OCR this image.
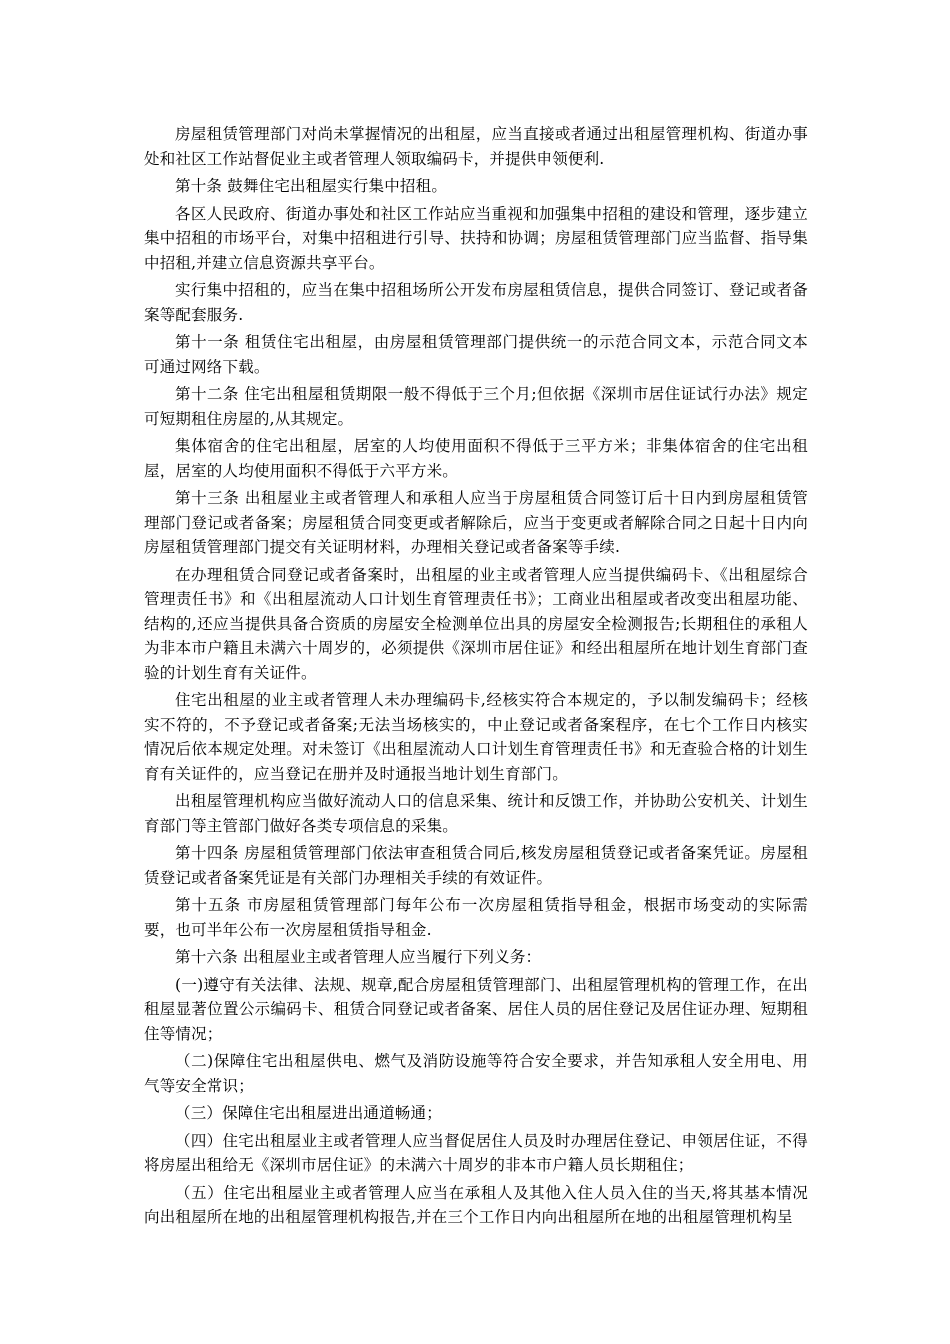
房屋租赁管理部门对尚未掌握情况的出租屋，应当直接或者通过出租屋管理机构、街道办事处和社区工作站督促业主或者管理人领取编码卡，并提供申领便利.

第十条 鼓舞住宅出租屋实行集中招租。

各区人民政府、街道办事处和社区工作站应当重视和加强集中招租的建设和管理，逐步建立集中招租的市场平台，对集中招租进行引导、扶持和协调；房屋租赁管理部门应当监督、指导集中招租,并建立信息资源共享平台。

实行集中招租的，应当在集中招租场所公开发布房屋租赁信息，提供合同签订、登记或者备案等配套服务.

第十一条 租赁住宅出租屋，由房屋租赁管理部门提供统一的示范合同文本，示范合同文本可通过网络下载。

第十二条 住宅出租屋租赁期限一般不得低于三个月;但依据《深圳市居住证试行办法》规定可短期租住房屋的,从其规定。

集体宿舍的住宅出租屋，居室的人均使用面积不得低于三平方米；非集体宿舍的住宅出租屋，居室的人均使用面积不得低于六平方米。

第十三条 出租屋业主或者管理人和承租人应当于房屋租赁合同签订后十日内到房屋租赁管理部门登记或者备案；房屋租赁合同变更或者解除后，应当于变更或者解除合同之日起十日内向房屋租赁管理部门提交有关证明材料，办理相关登记或者备案等手续.

在办理租赁合同登记或者备案时，出租屋的业主或者管理人应当提供编码卡、《出租屋综合管理责任书》和《出租屋流动人口计划生育管理责任书》；工商业出租屋或者改变出租屋功能、结构的,还应当提供具备合资质的房屋安全检测单位出具的房屋安全检测报告;长期租住的承租人为非本市户籍且未满六十周岁的，必须提供《深圳市居住证》和经出租屋所在地计划生育部门查验的计划生育有关证件。

住宅出租屋的业主或者管理人未办理编码卡,经核实符合本规定的，予以制发编码卡；经核实不符的，不予登记或者备案;无法当场核实的，中止登记或者备案程序，在七个工作日内核实情况后依本规定处理。对未签订《出租屋流动人口计划生育管理责任书》和无查验合格的计划生育有关证件的，应当登记在册并及时通报当地计划生育部门。

出租屋管理机构应当做好流动人口的信息采集、统计和反馈工作，并协助公安机关、计划生育部门等主管部门做好各类专项信息的采集。

第十四条 房屋租赁管理部门依法审查租赁合同后,核发房屋租赁登记或者备案凭证。房屋租赁登记或者备案凭证是有关部门办理相关手续的有效证件。

第十五条 市房屋租赁管理部门每年公布一次房屋租赁指导租金，根据市场变动的实际需要，也可半年公布一次房屋租赁指导租金.

第十六条 出租屋业主或者管理人应当履行下列义务：

(一)遵守有关法律、法规、规章,配合房屋租赁管理部门、出租屋管理机构的管理工作，在出租屋显著位置公示编码卡、租赁合同登记或者备案、居住人员的居住登记及居住证办理、短期租住等情况；

（二)保障住宅出租屋供电、燃气及消防设施等符合安全要求，并告知承租人安全用电、用气等安全常识；

（三）保障住宅出租屋进出通道畅通；

（四）住宅出租屋业主或者管理人应当督促居住人员及时办理居住登记、申领居住证，不得将房屋出租给无《深圳市居住证》的未满六十周岁的非本市户籍人员长期租住；

（五）住宅出租屋业主或者管理人应当在承租人及其他入住人员入住的当天,将其基本情况向出租屋所在地的出租屋管理机构报告,并在三个工作日内向出租屋所在地的出租屋管理机构呈
